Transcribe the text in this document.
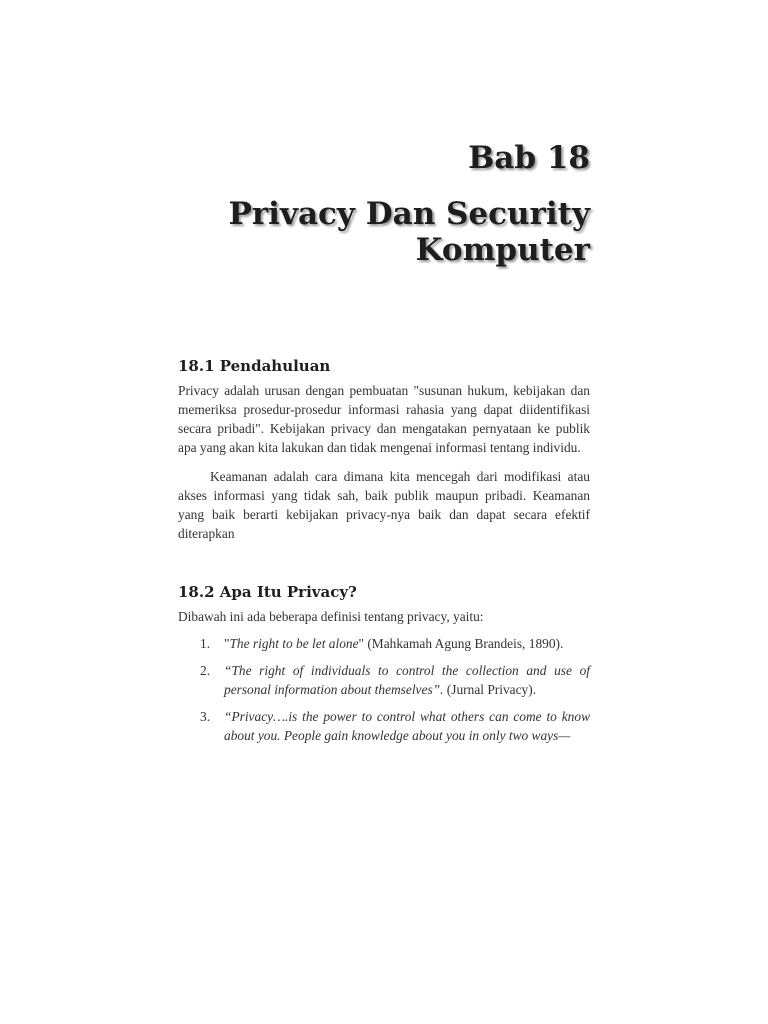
Bab 18
Privacy Dan Security
Komputer
18.1 Pendahuluan

Privacy adalah urusan dengan pembuatan "susunan hukum, kebijakan dan memeriksa prosedur-prosedur informasi rahasia yang dapat diidentifikasi secara pribadi". Kebijakan privacy dan mengatakan pernyataan ke publik apa yang akan kita lakukan dan tidak mengenai informasi tentang individu.

Keamanan adalah cara dimana kita mencegah dari modifikasi atau akses informasi yang tidak sah, baik publik maupun pribadi. Keamanan yang baik berarti kebijakan privacy-nya baik dan dapat secara efektif diterapkan

18.2 Apa Itu Privacy?

Dibawah ini ada beberapa definisi tentang privacy, yaitu:

1. "The right to be let alone" (Mahkamah Agung Brandeis, 1890).
2. “The right of individuals to control the collection and use of personal information about themselves”. (Jurnal Privacy).
3. “Privacy….is the power to control what others can come to know about you. People gain knowledge about you in only two ways—
